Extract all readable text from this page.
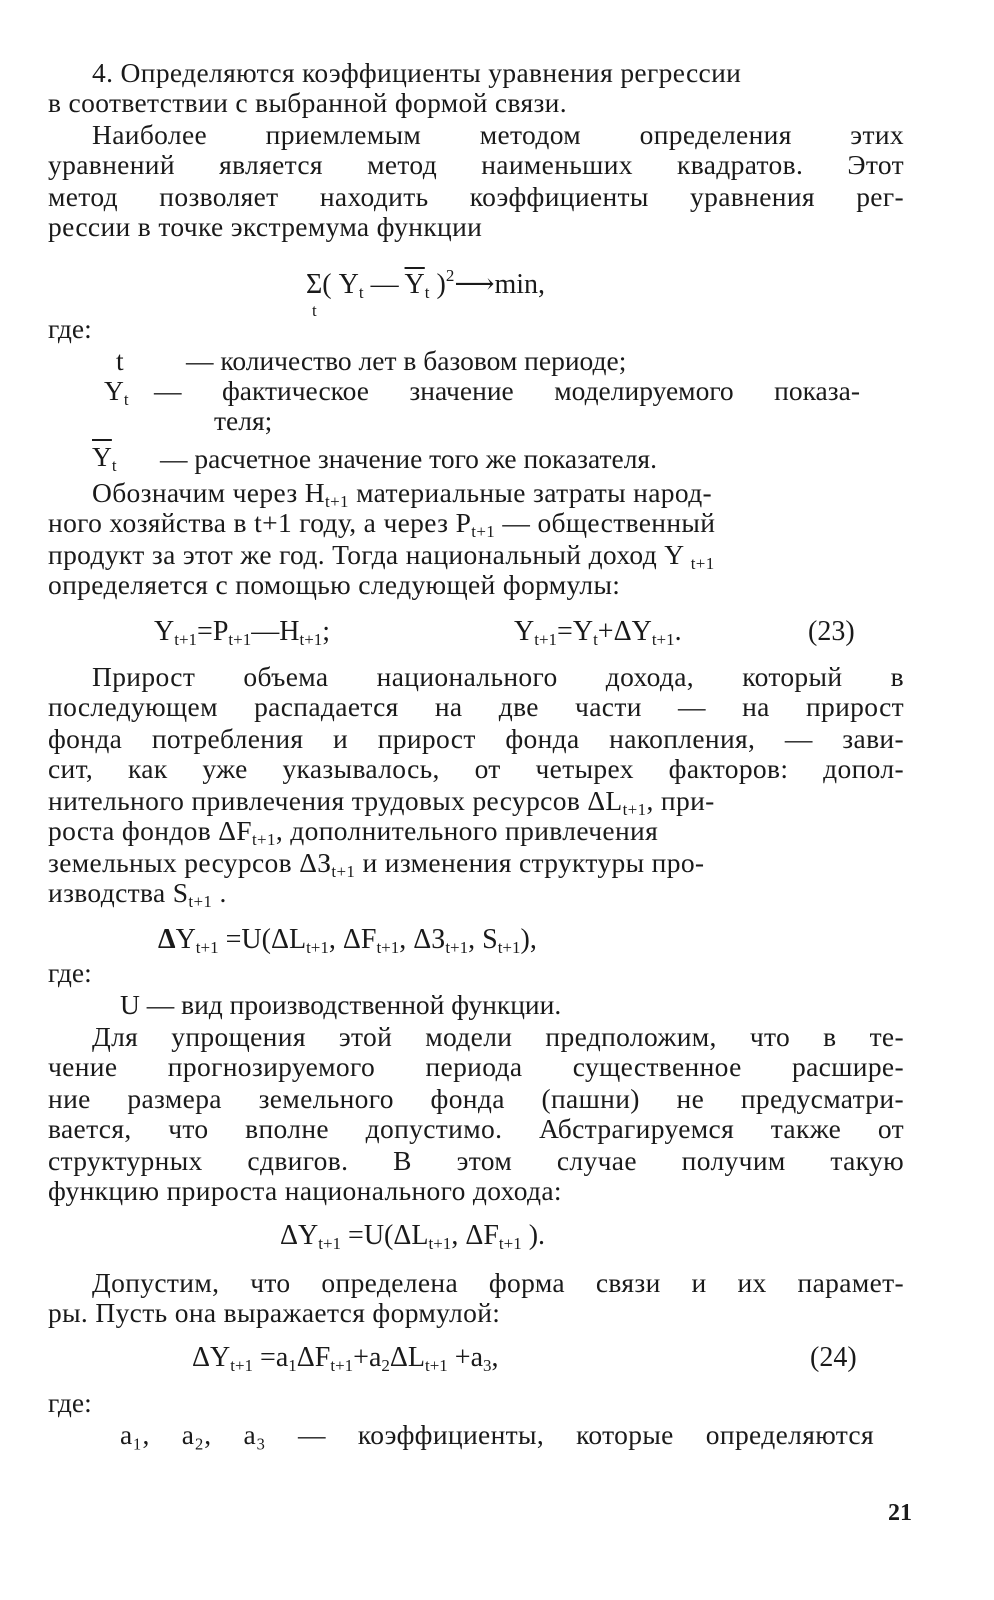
4. Определяются коэффициенты уравнения регрессии
в соответствии с выбранной формой связи.
Наиболее приемлемым методом определения этих
уравнений является метод наименьших квадратов. Этот
метод позволяет находить коэффициенты уравнения рег-
рессии в точке экстремума функции
Σ
t
( $Y_t$ — $\overline{Y}_t$ )$^2$⟶min,
где:
t — количество лет в базовом периоде;
$Y_t$ — фактическое значение моделируемого показа-
теля;
$\overline{Y}_t$ — расчетное значение того же показателя.
Обозначим через $H_{t+1}$ материальные затраты народ-
ного хозяйства в t+1 году, а через $P_{t+1}$ — общественный
продукт за этот же год. Тогда национальный доход Y $_{t+1}$
определяется с помощью следующей формулы:
$Y_{t+1}=P_{t+1}—H_{t+1}$;	$Y_{t+1}=Y_t+\Delta Y_{t+1}$.	(23)
Прирост объема национального дохода, который в
последующем распадается на две части — на прирост
фонда потребления и прирост фонда накопления, — зави-
сит, как уже указывалось, от четырех факторов: допол-
нительного привлечения трудовых ресурсов $\Delta L_{t+1}$, при-
роста фондов $\Delta F_{t+1}$, дополнительного привлечения
земельных ресурсов $\Delta З_{t+1}$ и изменения структуры про-
изводства $S_{t+1}$ .
$\Delta Y_{t+1} =U(\Delta L_{t+1}$, $\Delta F_{t+1}$, $\Delta З_{t+1}$, $S_{t+1}$),
где:
U — вид производственной функции.
Для упрощения этой модели предположим, что в те-
чение прогнозируемого периода существенное расшире-
ние размера земельного фонда (пашни) не предусматри-
вается, что вполне допустимо. Абстрагируемся также от
структурных сдвигов. В этом случае получим такую
функцию прироста национального дохода:
$\Delta Y_{t+1} =U(\Delta L_{t+1}$, $\Delta F_{t+1}$ ).
Допустим, что определена форма связи и их парамет-
ры. Пусть она выражается формулой:
$\Delta Y_{t+1} =a_1\Delta F_{t+1}+a_2\Delta L_{t+1} +a_3$,	(24)
где:
a₁, a₂, a₃ — коэффициенты, которые определяются
21
